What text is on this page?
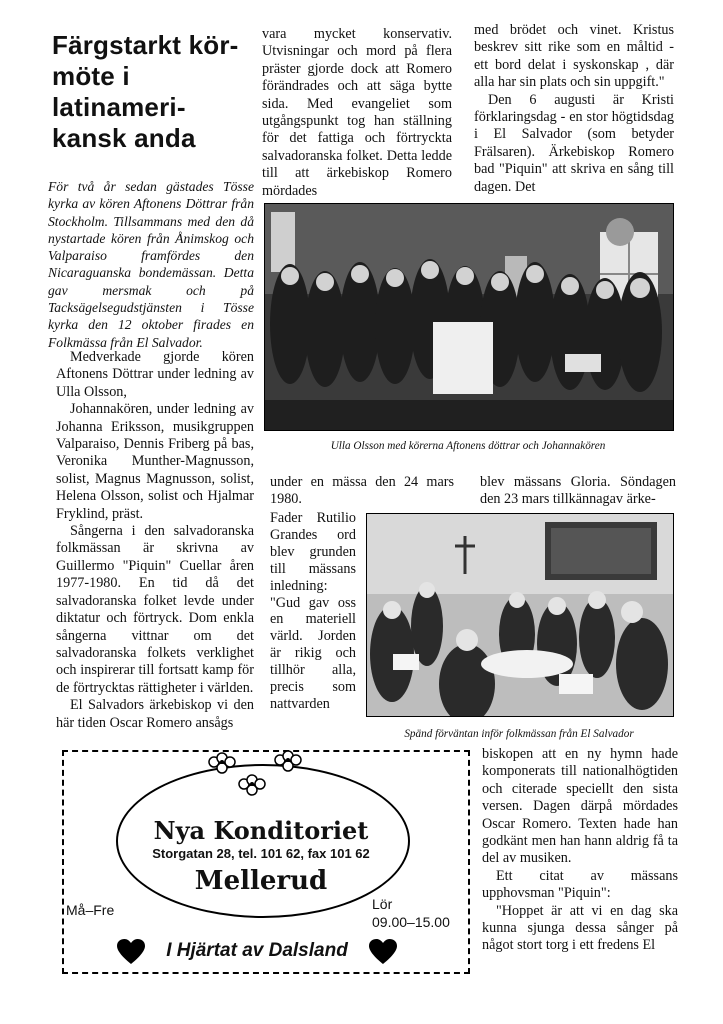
Färgstarkt kör-möte i latinameri-kansk anda
För två år sedan gästades Tösse kyrka av kören Aftonens Döttrar från Stockholm. Tillsammans med den då nystartade kören från Ånimskog och Valparaiso framfördes den Nicaraguanska bondemässan. Detta gav mersmak och på Tacksägelsegudstjänsten i Tösse kyrka den 12 oktober firades en Folkmässa från El Salvador.

Medverkade gjorde kören Aftonens Döttrar under ledning av Ulla Olsson,

Johannakören, under ledning av Johanna Eriksson, musikgruppen Valparaiso, Dennis Friberg på bas, Veronika Munther-Magnusson, solist, Magnus Magnusson, solist, Helena Olsson, solist och Hjalmar Fryklind, präst.

Sångerna i den salvadoranska folkmässan är skrivna av Guillermo "Piquin" Cuellar åren 1977-1980. En tid då det salvadoranska folket levde under diktatur och förtryck. Dom enkla sångerna vittnar om det salvadoranska folkets verklighet och inspirerar till fortsatt kamp för de förtrycktas rättigheter i världen.

El Salvadors ärkebiskop vi den här tiden Oscar Romero ansågs

vara mycket konservativ. Utvisningar och mord på flera präster gjorde dock att Romero förändrades och att säga bytte sida. Med evangeliet som utgångspunkt tog han ställning för det fattiga och förtryckta salvadoranska folket. Detta ledde till att ärkebiskop Romero mördades

med brödet och vinet. Kristus beskrev sitt rike som en måltid - ett bord delat i syskonskap , där alla har sin plats och sin uppgift."

Den 6 augusti är Kristi förklaringsdag - en stor högtidsdag i El Salvador (som betyder Frälsaren). Ärkebiskop Romero bad "Piquin" att skriva en sång till dagen. Det

Ulla Olsson med körerna Aftonens döttrar och Johannakören

under en mässa den 24 mars 1980.

Fader Rutilio Grandes ord blev grunden till mässans inledning: "Gud gav oss en materiell värld. Jorden är rikig och tillhör alla, precis som nattvarden

blev mässans Gloria. Söndagen den 23 mars tillkännagav ärke-

Spänd förväntan inför folkmässan från El Salvador

biskopen att en ny hymn hade komponerats till nationalhögtiden och citerade speciellt den sista versen. Dagen därpå mördades Oscar Romero. Texten hade han godkänt men han hann aldrig få ta del av musiken.

Ett citat av mässans upphovsman "Piquin":

"Hoppet är att vi en dag ska kunna sjunga dessa sånger på något stort torg i ett fredens El

Nya Konditoriet
Storgatan 28, tel. 101 62, fax 101 62
Mellerud
Må–Fre	Lör
09.00–15.00
I Hjärtat av Dalsland
